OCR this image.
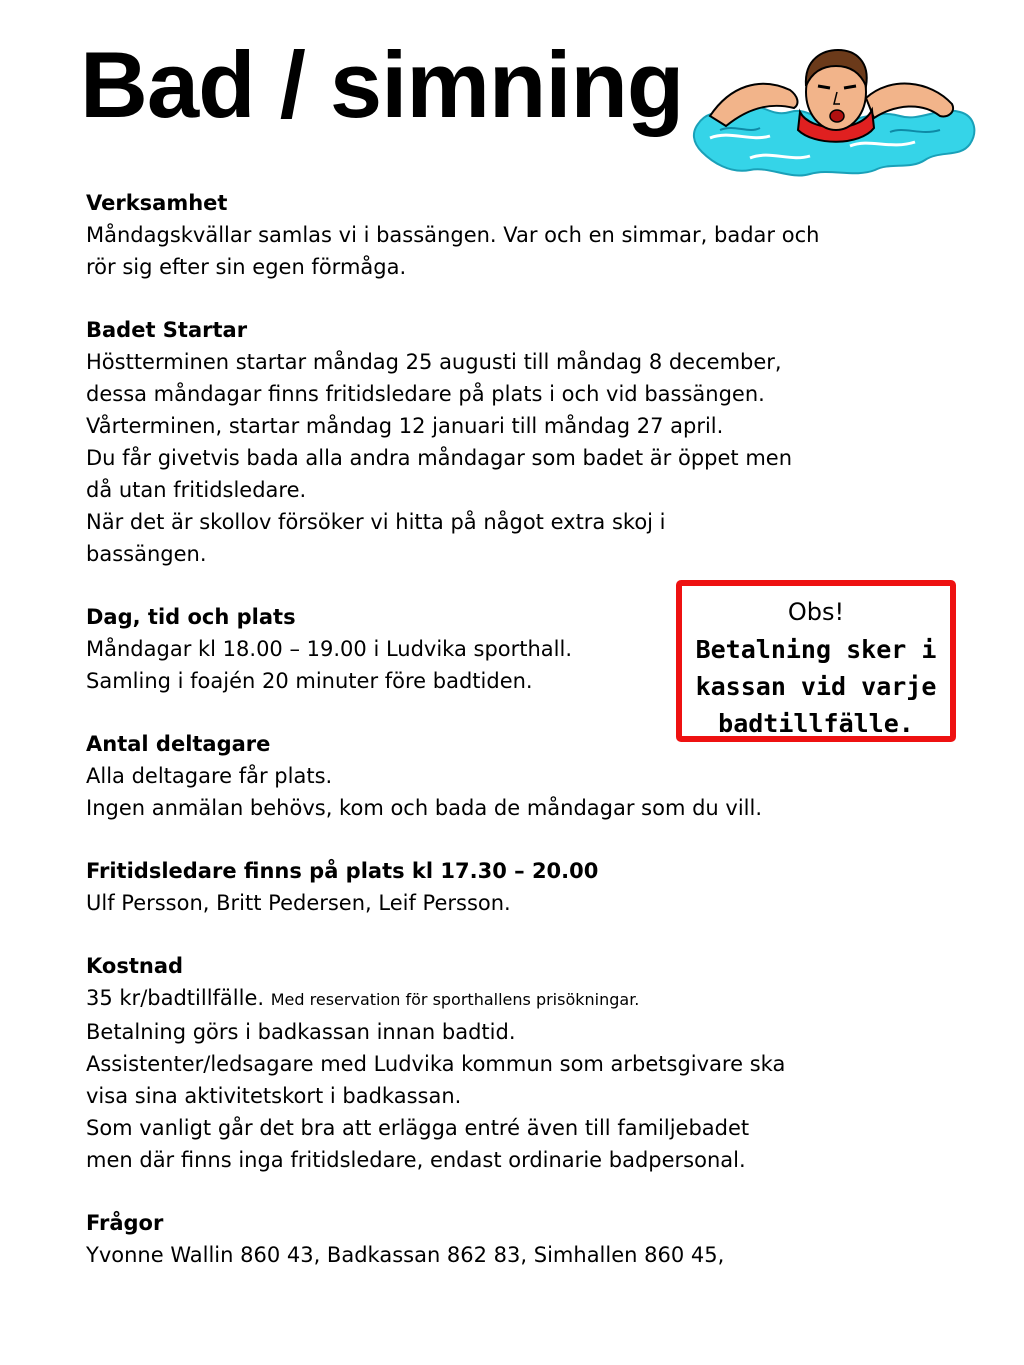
Bad / simning
Verksamhet
Måndagskvällar samlas vi i bassängen. Var och en simmar, badar och
rör sig efter sin egen förmåga.
Badet Startar
Höstterminen startar måndag 25 augusti till måndag 8 december,
dessa måndagar finns fritidsledare på plats i och vid bassängen.
Vårterminen, startar måndag 12 januari till måndag 27 april.
Du får givetvis bada alla andra måndagar som badet är öppet men
då utan fritidsledare.
När det är skollov försöker vi hitta på något extra skoj i
bassängen.
Dag, tid och plats
Måndagar kl 18.00 – 19.00 i Ludvika sporthall.
Samling i foajén 20 minuter före badtiden.
Antal deltagare
Alla deltagare får plats.
Ingen anmälan behövs, kom och bada de måndagar som du vill.
Fritidsledare finns på plats kl 17.30 – 20.00
Ulf Persson, Britt Pedersen, Leif Persson.
Kostnad
35 kr/badtillfälle. Med reservation för sporthallens prisökningar.
Betalning görs i badkassan innan badtid.
Assistenter/ledsagare med Ludvika kommun som arbetsgivare ska
visa sina aktivitetskort i badkassan.
Som vanligt går det bra att erlägga entré även till familjebadet
men där finns inga fritidsledare, endast ordinarie badpersonal.
Frågor
Yvonne Wallin 860 43, Badkassan 862 83, Simhallen 860 45,
Obs!
Betalning sker i
kassan vid varje
badtillfälle.
